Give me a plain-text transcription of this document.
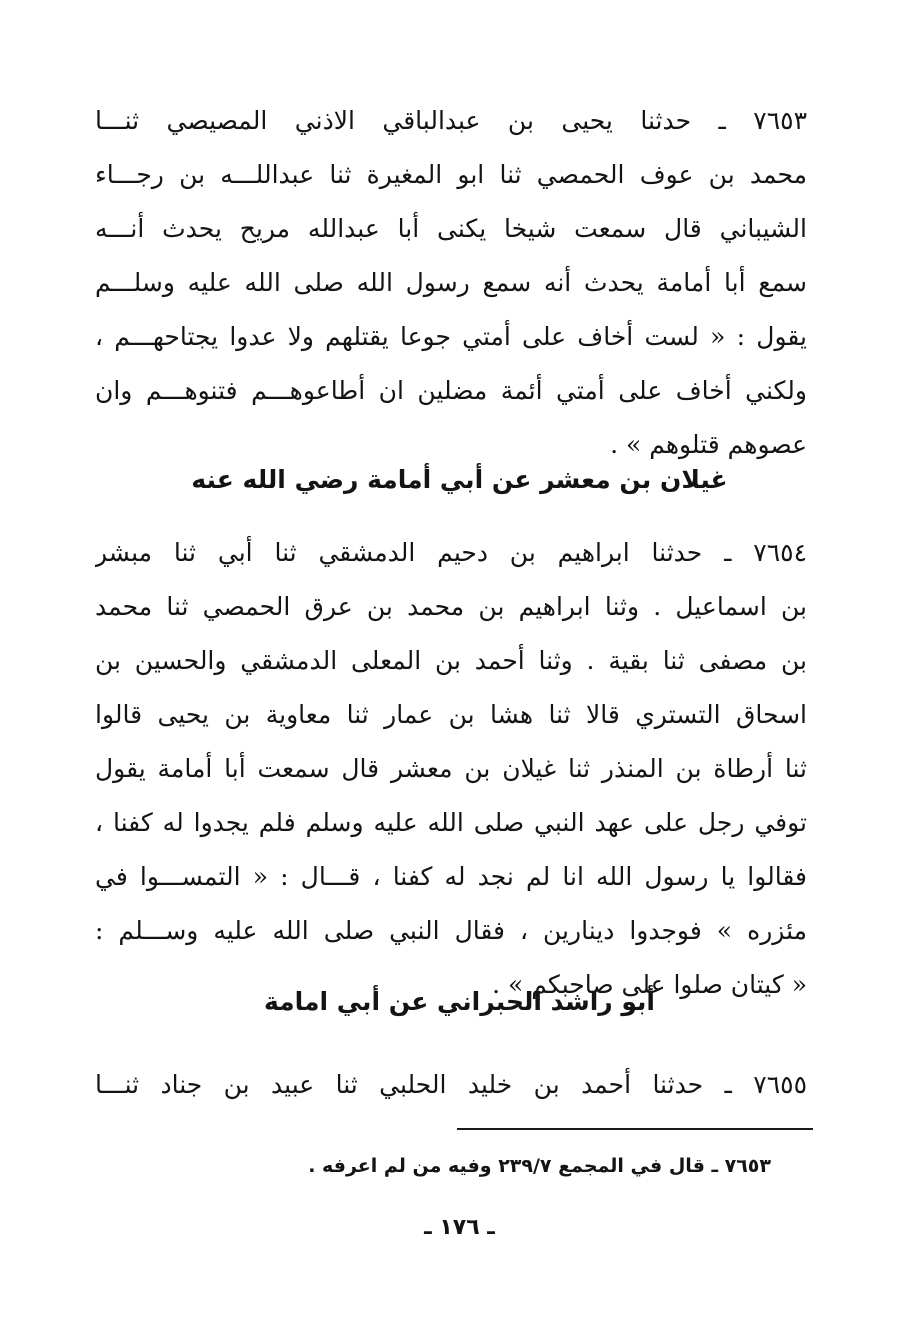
٧٦٥٣ ـ حدثنا يحيى بن عبدالباقي الاذني المصيصي ثنـــا
محمد بن عوف الحمصي ثنا ابو المغيرة ثنا عبداللـــه بن رجـــاء
الشيباني قال سمعت شيخا يكنى أبا عبدالله مريح يحدث أنـــه
سمع أبا أمامة يحدث أنه سمع رسول الله صلى الله عليه وسلـــم
يقول : « لست أخاف على أمتي جوعا يقتلهم ولا عدوا يجتاحهـــم ،
ولكني أخاف على أمتي أئمة مضلين ان أطاعوهـــم فتنوهـــم وان
عصوهم قتلوهم » .
غيلان بن معشر عن أبي أمامة رضي الله عنه
٧٦٥٤ ـ حدثنا ابراهيم بن دحيم الدمشقي ثنا أبي ثنا مبشر
بن اسماعيل . وثنا ابراهيم بن محمد بن عرق الحمصي ثنا محمد
بن مصفى ثنا بقية . وثنا أحمد بن المعلى الدمشقي والحسين بن
اسحاق التستري قالا ثنا هشا بن عمار ثنا معاوية بن يحيى قالوا
ثنا أرطاة بن المنذر ثنا غيلان بن معشر قال سمعت أبا أمامة يقول
توفي رجل على عهد النبي صلى الله عليه وسلم فلم يجدوا له كفنا ،
فقالوا يا رسول الله انا لم نجد له كفنا ، قـــال : « التمســـوا في
مئزره » فوجدوا دينارين ، فقال النبي صلى الله عليه وســـلم :
« كيتان صلوا على صاحبكم » .
أبو راشد الحبراني عن أبي امامة
٧٦٥٥ ـ حدثنا أحمد بن خليد الحلبي ثنا عبيد بن جناد ثنـــا

٧٦٥٣ ـ قال في المجمع ٢٣٩/٧ وفيه من لم اعرفه .

ـ ١٧٦ ـ
